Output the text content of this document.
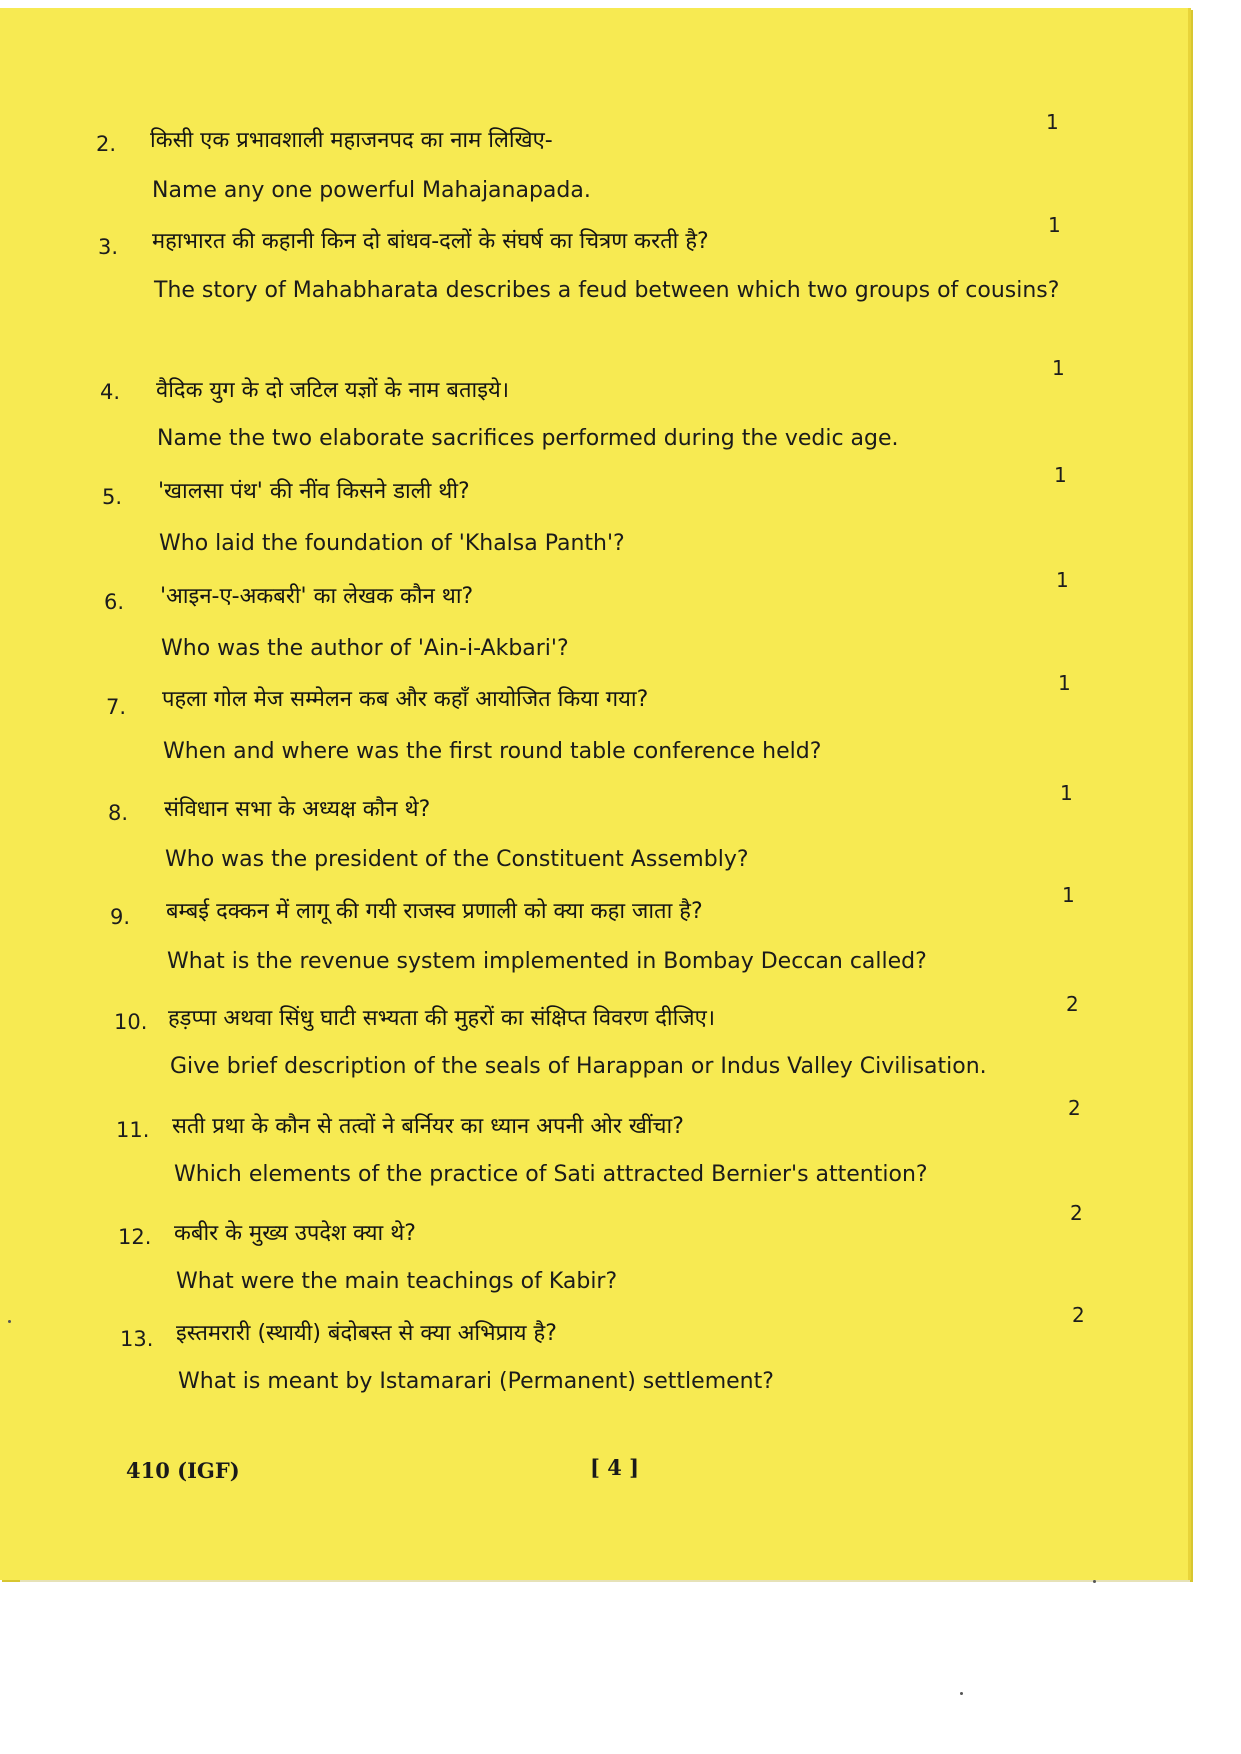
2. किसी एक प्रभावशाली महाजनपद का नाम लिखिए-
Name any one powerful Mahajanapada.
1
3. महाभारत की कहानी किन दो बांधव-दलों के संघर्ष का चित्रण करती है?
The story of Mahabharata describes a feud between which two groups of cousins?
1
4. वैदिक युग के दो जटिल यज्ञों के नाम बताइये।
Name the two elaborate sacrifices performed during the vedic age.
1
5. 'खालसा पंथ' की नींव किसने डाली थी?
Who laid the foundation of 'Khalsa Panth'?
1
6. 'आइन-ए-अकबरी' का लेखक कौन था?
Who was the author of 'Ain-i-Akbari'?
1
7. पहला गोल मेज सम्मेलन कब और कहाँ आयोजित किया गया?
When and where was the first round table conference held?
1
8. संविधान सभा के अध्यक्ष कौन थे?
Who was the president of the Constituent Assembly?
1
9. बम्बई दक्कन में लागू की गयी राजस्व प्रणाली को क्या कहा जाता है?
What is the revenue system implemented in Bombay Deccan called?
1
10. हड़प्पा अथवा सिंधु घाटी सभ्यता की मुहरों का संक्षिप्त विवरण दीजिए।
Give brief description of the seals of Harappan or Indus Valley Civilisation.
2
11. सती प्रथा के कौन से तत्वों ने बर्नियर का ध्यान अपनी ओर खींचा?
Which elements of the practice of Sati attracted Bernier's attention?
2
12. कबीर के मुख्य उपदेश क्या थे?
What were the main teachings of Kabir?
2
13. इस्तमरारी (स्थायी) बंदोबस्त से क्या अभिप्राय है?
What is meant by Istamarari (Permanent) settlement?
2
410 (IGF)	[ 4 ]
